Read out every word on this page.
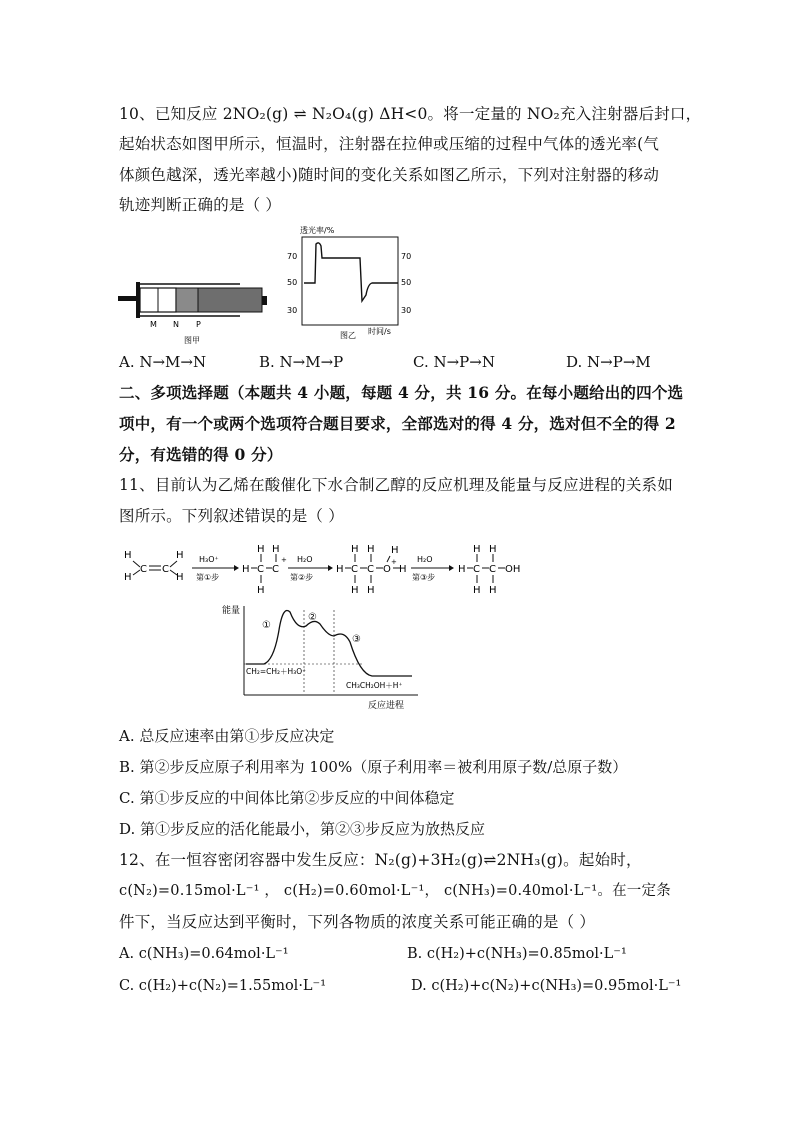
10、已知反应 2NO₂(g) ⇌ N₂O₄(g) ΔH<0。将一定量的 NO₂充入注射器后封口，
起始状态如图甲所示，恒温时，注射器在拉伸或压缩的过程中气体的透光率(气
体颜色越深，透光率越小)随时间的变化关系如图乙所示，下列对注射器的移动
轨迹判断正确的是（ ）
M N P
图甲
透光率/%
70
50
30
70
50
30
时间/s
图乙
A. N→M→N	B. N→M→P	C. N→P→N	D. N→P→M
二、多项选择题（本题共 4 小题，每题 4 分，共 16 分。在每小题给出的四个选
项中，有一个或两个选项符合题目要求，全部选对的得 4 分，选对但不全的得 2
分，有选错的得 0 分）
11、目前认为乙烯在酸催化下水合制乙醇的反应机理及能量与反应进程的关系如
图所示。下列叙述错误的是（ ）
H
H
C C
H
H
H₃O⁺
第①步
H C
H
H
C
H
+ H₂O
第②步
H C
H
H
C
H
H
O
+
H
H
H₂O
第③步
H C
H
H
C
H
H
OH
能量
①
②
③
CH₂=CH₂＋H₃O⁺
CH₃CH₂OH＋H⁺
反应进程
A. 总反应速率由第①步反应决定
B. 第②步反应原子利用率为 100%（原子利用率＝被利用原子数/总原子数）
C. 第①步反应的中间体比第②步反应的中间体稳定
D. 第①步反应的活化能最小，第②③步反应为放热反应
12、在一恒容密闭容器中发生反应：N₂(g)+3H₂(g)⇌2NH₃(g)。起始时，
c(N₂)=0.15mol·L⁻¹ ， c(H₂)=0.60mol·L⁻¹， c(NH₃)=0.40mol·L⁻¹。在一定条
件下，当反应达到平衡时，下列各物质的浓度关系可能正确的是（ ）
A. c(NH₃)=0.64mol·L⁻¹	B. c(H₂)+c(NH₃)=0.85mol·L⁻¹
C. c(H₂)+c(N₂)=1.55mol·L⁻¹	D. c(H₂)+c(N₂)+c(NH₃)=0.95mol·L⁻¹
